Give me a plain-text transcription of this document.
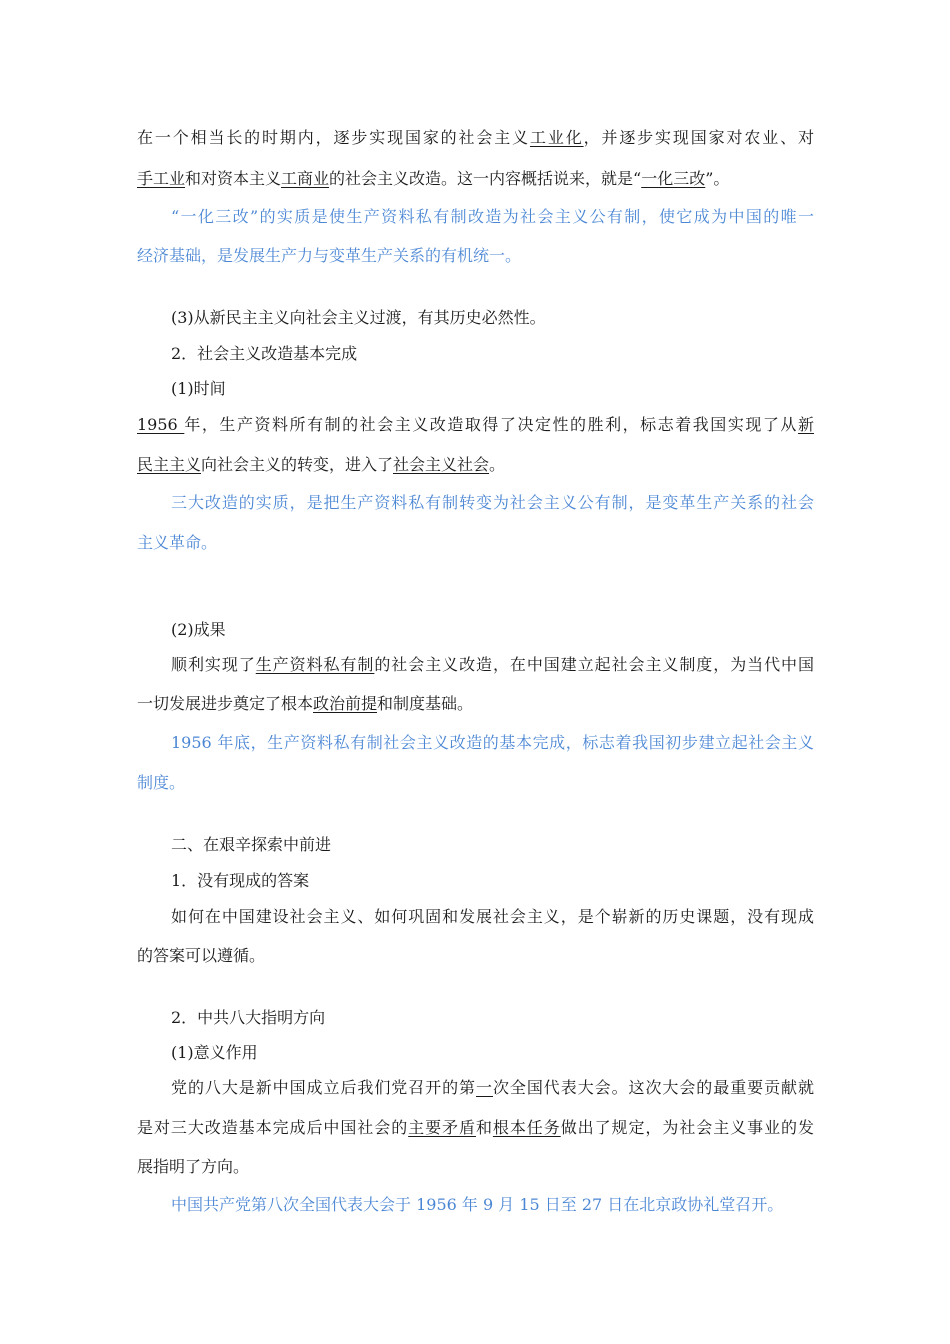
在一个相当长的时期内，逐步实现国家的社会主义工业化，并逐步实现国家对农业、对
手工业和对资本主义工商业的社会主义改造。这一内容概括说来，就是“一化三改”。
“一化三改”的实质是使生产资料私有制改造为社会主义公有制，使它成为中国的唯一
经济基础，是发展生产力与变革生产关系的有机统一。
(3)从新民主主义向社会主义过渡，有其历史必然性。
2．社会主义改造基本完成
(1)时间
1956 年，生产资料所有制的社会主义改造取得了决定性的胜利，标志着我国实现了从新
民主主义向社会主义的转变，进入了社会主义社会。
三大改造的实质，是把生产资料私有制转变为社会主义公有制，是变革生产关系的社会
主义革命。
(2)成果
顺利实现了生产资料私有制的社会主义改造，在中国建立起社会主义制度，为当代中国
一切发展进步奠定了根本政治前提和制度基础。
1956 年底，生产资料私有制社会主义改造的基本完成，标志着我国初步建立起社会主义
制度。
二、在艰辛探索中前进
1．没有现成的答案
如何在中国建设社会主义、如何巩固和发展社会主义，是个崭新的历史课题，没有现成
的答案可以遵循。
2．中共八大指明方向
(1)意义作用
党的八大是新中国成立后我们党召开的第一次全国代表大会。这次大会的最重要贡献就
是对三大改造基本完成后中国社会的主要矛盾和根本任务做出了规定，为社会主义事业的发
展指明了方向。
中国共产党第八次全国代表大会于 1956 年 9 月 15 日至 27 日在北京政协礼堂召开。
